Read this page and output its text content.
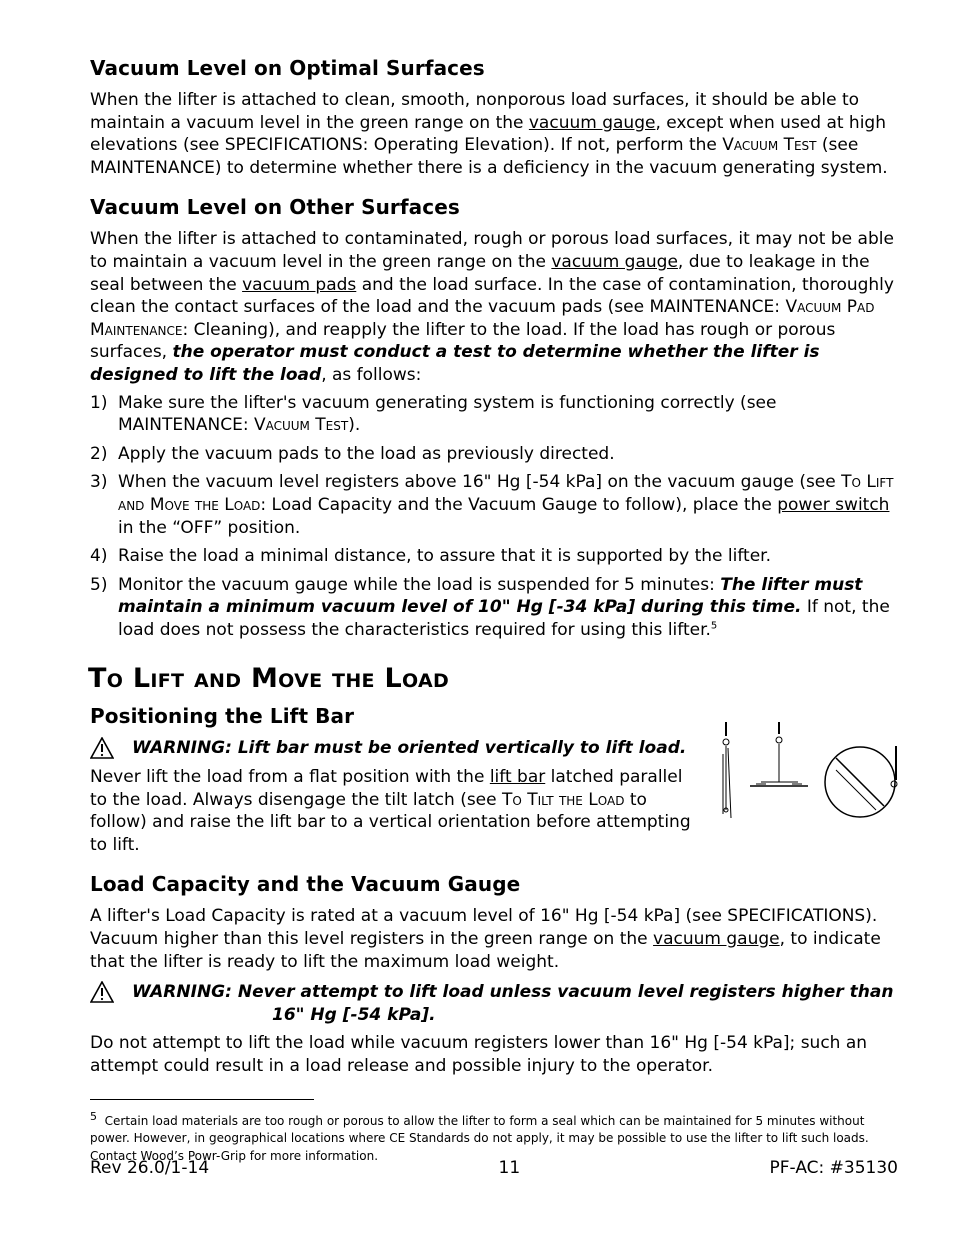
Vacuum Level on Optimal Surfaces

When the lifter is attached to clean, smooth, nonporous load surfaces, it should be able to maintain a vacuum level in the green range on the vacuum gauge, except when used at high elevations (see SPECIFICATIONS: Operating Elevation). If not, perform the Vacuum Test (see MAINTENANCE) to determine whether there is a deficiency in the vacuum generating system.

Vacuum Level on Other Surfaces

When the lifter is attached to contaminated, rough or porous load surfaces, it may not be able to maintain a vacuum level in the green range on the vacuum gauge, due to leakage in the seal between the vacuum pads and the load surface. In the case of contamination, thoroughly clean the contact surfaces of the load and the vacuum pads (see MAINTENANCE: Vacuum Pad Maintenance: Cleaning), and reapply the lifter to the load. If the load has rough or porous surfaces, the operator must conduct a test to determine whether the lifter is designed to lift the load, as follows:

1) Make sure the lifter's vacuum generating system is functioning correctly (see MAINTENANCE: Vacuum Test).
2) Apply the vacuum pads to the load as previously directed.
3) When the vacuum level registers above 16" Hg [-54 kPa] on the vacuum gauge (see To Lift and Move the Load: Load Capacity and the Vacuum Gauge to follow), place the power switch in the “OFF” position.
4) Raise the load a minimal distance, to assure that it is supported by the lifter.
5) Monitor the vacuum gauge while the load is suspended for 5 minutes: The lifter must maintain a minimum vacuum level of 10" Hg [-34 kPa] during this time. If not, the load does not possess the characteristics required for using this lifter.$^5$
To Lift and Move the Load
Positioning the Lift Bar
WARNING: Lift bar must be oriented vertically to lift load.

Never lift the load from a flat position with the lift bar latched parallel to the load. Always disengage the tilt latch (see To Tilt the Load to follow) and raise the lift bar to a vertical orientation before attempting to lift.

Load Capacity and the Vacuum Gauge

A lifter's Load Capacity is rated at a vacuum level of 16" Hg [-54 kPa] (see SPECIFICATIONS). Vacuum higher than this level registers in the green range on the vacuum gauge, to indicate that the lifter is ready to lift the maximum load weight.

WARNING: Never attempt to lift load unless vacuum level registers higher than
16" Hg [-54 kPa].

Do not attempt to lift the load while vacuum registers lower than 16" Hg [-54 kPa]; such an attempt could result in a load release and possible injury to the operator.

$^5$ Certain load materials are too rough or porous to allow the lifter to form a seal which can be maintained for 5 minutes without power. However, in geographical locations where CE Standards do not apply, it may be possible to use the lifter to lift such loads. Contact Wood’s Powr-Grip for more information.
Rev 26.0/1-14	11	PF-AC: #35130
